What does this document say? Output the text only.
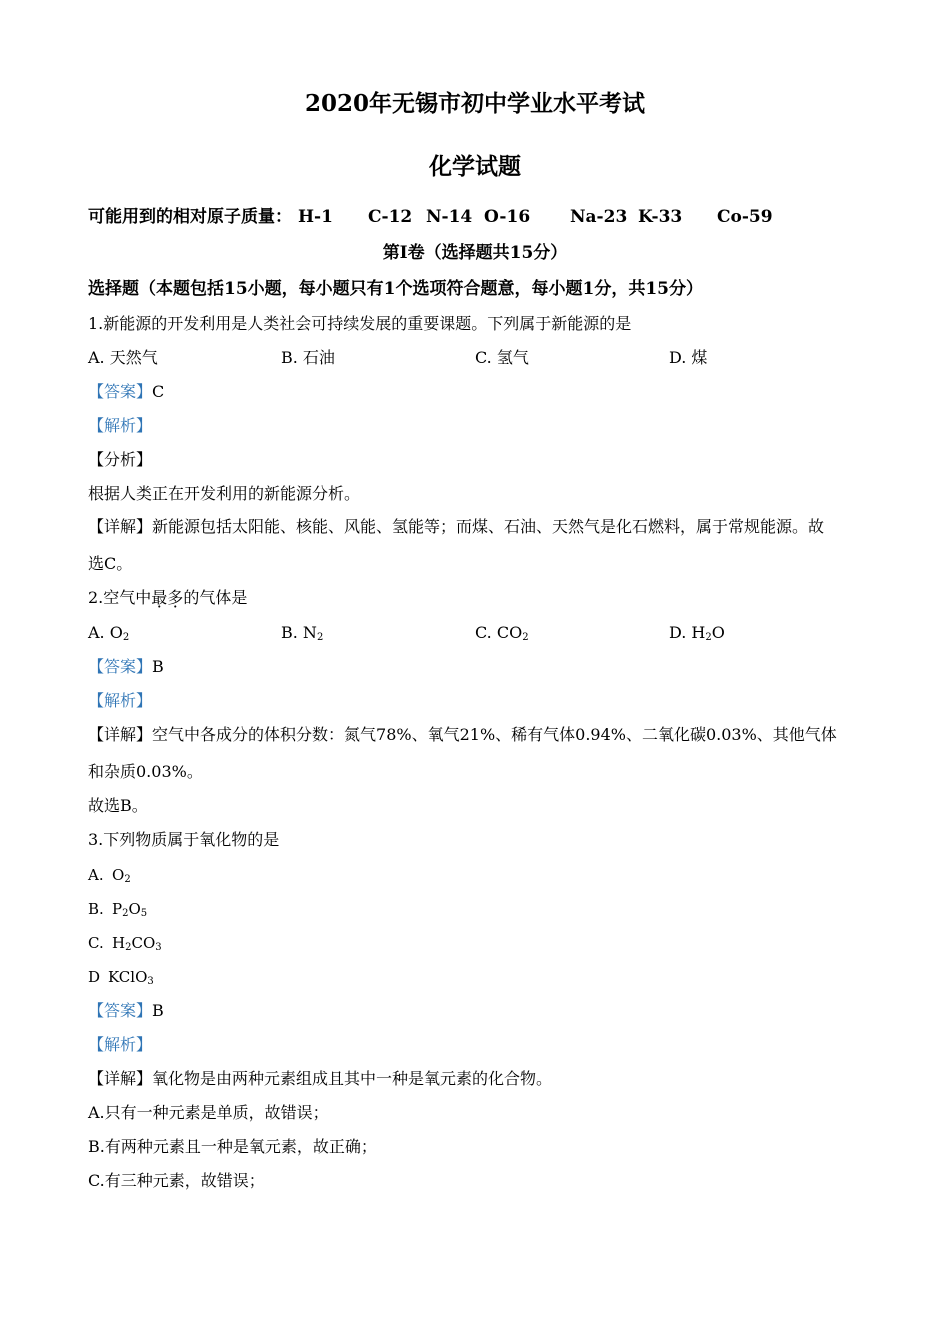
2020年无锡市初中学业水平考试
化学试题
可能用到的相对原子质量： H-1 C-12 N-14 O-16 Na-23 K-33 Co-59
第Ⅰ卷（选择题共15分）
选择题（本题包括15小题，每小题只有1个选项符合题意，每小题1分，共15分）
1.新能源的开发利用是人类社会可持续发展的重要课题。下列属于新能源的是
A. 天然气	B. 石油	C. 氢气	D. 煤
【答案】C
【解析】
【分析】
根据人类正在开发利用的新能源分析。
【详解】新能源包括太阳能、核能、风能、氢能等；而煤、石油、天然气是化石燃料，属于常规能源。故
选C。
2.空气中最多的气体是
A. $O_2$	B. $N_2$	C. $CO_2$	D. $H_2O$
【答案】B
【解析】
【详解】空气中各成分的体积分数：氮气78%、氧气21%、稀有气体0.94%、二氧化碳0.03%、其他气体
和杂质0.03%。
故选B。
3.下列物质属于氧化物的是
A. $O_2$
B. $P_2O_5$
C. $H_2CO_3$
D KClO$_3$
【答案】B
【解析】
【详解】氧化物是由两种元素组成且其中一种是氧元素的化合物。
A.只有一种元素是单质，故错误；
B.有两种元素且一种是氧元素，故正确；
C.有三种元素，故错误；
